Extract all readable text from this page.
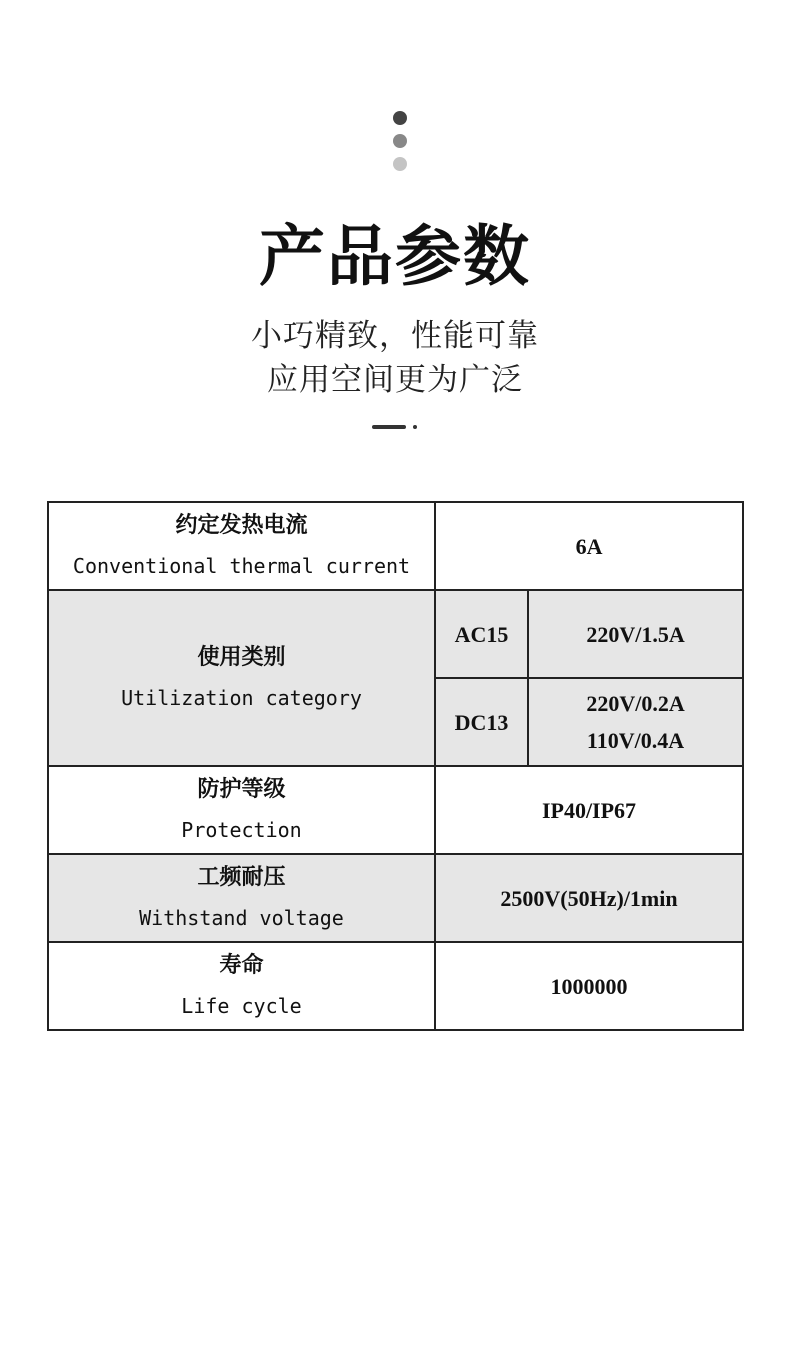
产品参数
小巧精致，性能可靠
应用空间更为广泛
约定发热电流
Conventional thermal current	6A	

使用类别
Utilization category	AC15	220V/1.5A

	DC13	220V/0.2A
110V/0.4A

防护等级
Protection	IP40/IP67	

工频耐压
Withstand voltage	2500V(50Hz)/1min	

寿命
Life cycle	1000000	
